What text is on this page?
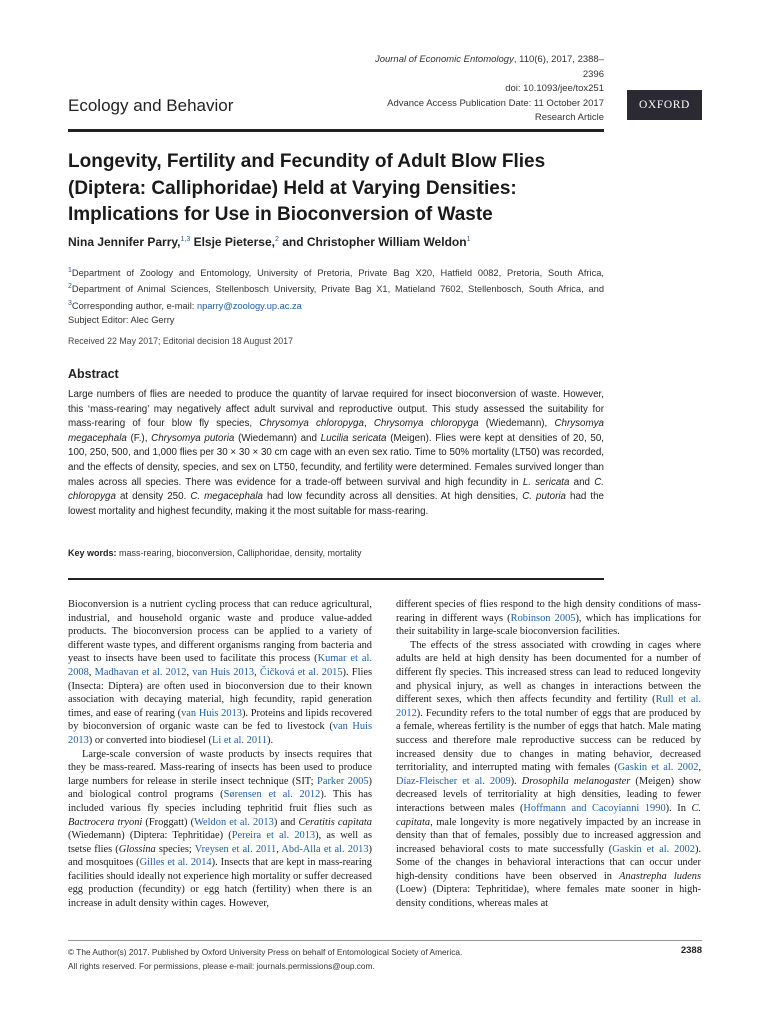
Journal of Economic Entomology, 110(6), 2017, 2388–2396
doi: 10.1093/jee/tox251
Advance Access Publication Date: 11 October 2017
Research Article
OXFORD
Ecology and Behavior
Longevity, Fertility and Fecundity of Adult Blow Flies (Diptera: Calliphoridae) Held at Varying Densities: Implications for Use in Bioconversion of Waste
Nina Jennifer Parry,$^{1,3}$ Elsje Pieterse,$^2$ and Christopher William Weldon$^1$
$^1$Department of Zoology and Entomology, University of Pretoria, Private Bag X20, Hatfield 0082, Pretoria, South Africa, $^2$Department of Animal Sciences, Stellenbosch University, Private Bag X1, Matieland 7602, Stellenbosch, South Africa, and $^3$Corresponding author, e-mail: nparry@zoology.up.ac.za
Subject Editor: Alec Gerry
Received 22 May 2017; Editorial decision 18 August 2017
Abstract
Large numbers of flies are needed to produce the quantity of larvae required for insect bioconversion of waste. However, this ‘mass-rearing’ may negatively affect adult survival and reproductive output. This study assessed the suitability for mass-rearing of four blow fly species, Chrysomya chloropyga, Chrysomya chloropyga (Wiedemann), Chrysomya megacephala (F.), Chrysomya putoria (Wiedemann) and Lucilia sericata (Meigen). Flies were kept at densities of 20, 50, 100, 250, 500, and 1,000 flies per 30 × 30 × 30 cm cage with an even sex ratio. Time to 50% mortality (LT50) was recorded, and the effects of density, species, and sex on LT50, fecundity, and fertility were determined. Females survived longer than males across all species. There was evidence for a trade-off between survival and high fecundity in L. sericata and C. chloropyga at density 250. C. megacephala had low fecundity across all densities. At high densities, C. putoria had the lowest mortality and highest fecundity, making it the most suitable for mass-rearing.
Key words: mass-rearing, bioconversion, Calliphoridae, density, mortality

Bioconversion is a nutrient cycling process that can reduce agricultural, industrial, and household organic waste and produce value-added products. The bioconversion process can be applied to a variety of different waste types, and different organisms ranging from bacteria and yeast to insects have been used to facilitate this process (Kumar et al. 2008, Madhavan et al. 2012, van Huis 2013, Čičková et al. 2015). Flies (Insecta: Diptera) are often used in bioconversion due to their known association with decaying material, high fecundity, rapid generation times, and ease of rearing (van Huis 2013). Proteins and lipids recovered by bioconversion of organic waste can be fed to livestock (van Huis 2013) or converted into biodiesel (Li et al. 2011).

Large-scale conversion of waste products by insects requires that they be mass-reared. Mass-rearing of insects has been used to produce large numbers for release in sterile insect technique (SIT; Parker 2005) and biological control programs (Sørensen et al. 2012). This has included various fly species including tephritid fruit flies such as Bactrocera tryoni (Froggatt) (Weldon et al. 2013) and Ceratitis capitata (Wiedemann) (Diptera: Tephritidae) (Pereira et al. 2013), as well as tsetse flies (Glossina species; Vreysen et al. 2011, Abd-Alla et al. 2013) and mosquitoes (Gilles et al. 2014). Insects that are kept in mass-rearing facilities should ideally not experience high mortality or suffer decreased egg production (fecundity) or egg hatch (fertility) when there is an increase in adult density within cages. However,

different species of flies respond to the high density conditions of mass-rearing in different ways (Robinson 2005), which has implications for their suitability in large-scale bioconversion facilities.

The effects of the stress associated with crowding in cages where adults are held at high density has been documented for a number of different fly species. This increased stress can lead to reduced longevity and physical injury, as well as changes in interactions between the different sexes, which then affects fecundity and fertility (Rull et al. 2012). Fecundity refers to the total number of eggs that are produced by a female, whereas fertility is the number of eggs that hatch. Male mating success and therefore male reproductive success can be reduced by increased density due to changes in mating behavior, decreased territoriality, and interrupted mating with females (Gaskin et al. 2002, Díaz-Fleischer et al. 2009). Drosophila melanogaster (Meigen) show decreased levels of territoriality at high densities, leading to fewer interactions between males (Hoffmann and Cacoyianni 1990). In C. capitata, male longevity is more negatively impacted by an increase in density than that of females, possibly due to increased aggression and increased behavioral costs to mate successfully (Gaskin et al. 2002). Some of the changes in behavioral interactions that can occur under high-density conditions have been observed in Anastrepha ludens (Loew) (Diptera: Tephritidae), where females mate sooner in high-density conditions, whereas males at

© The Author(s) 2017. Published by Oxford University Press on behalf of Entomological Society of America.
All rights reserved. For permissions, please e-mail: journals.permissions@oup.com.
2388
